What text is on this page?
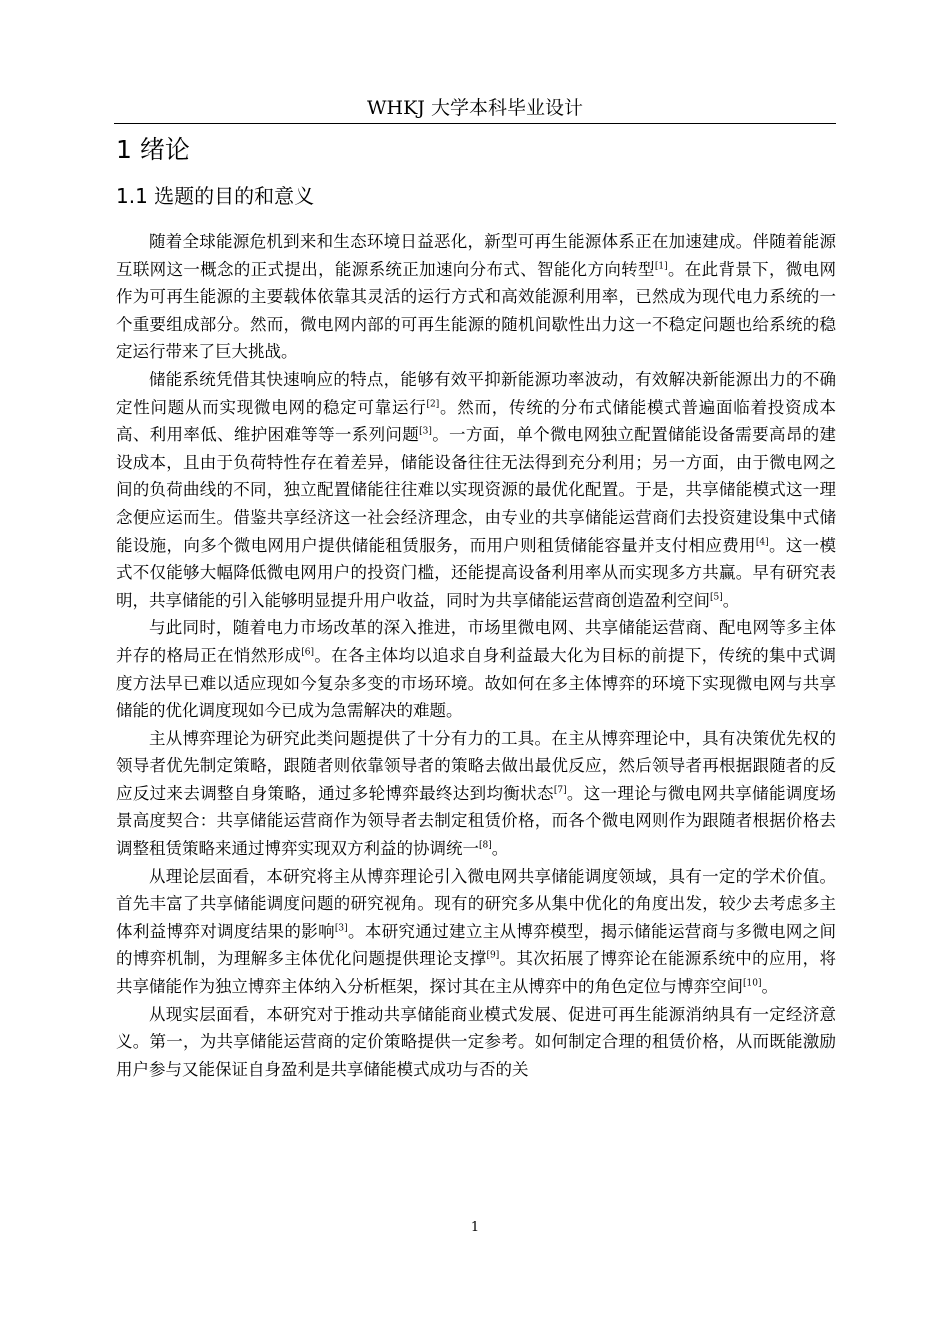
WHKJ 大学本科毕业设计
1 绪论
1.1 选题的目的和意义

随着全球能源危机到来和生态环境日益恶化，新型可再生能源体系正在加速建成。伴随着能源互联网这一概念的正式提出，能源系统正加速向分布式、智能化方向转型[1]。在此背景下，微电网作为可再生能源的主要载体依靠其灵活的运行方式和高效能源利用率，已然成为现代电力系统的一个重要组成部分。然而，微电网内部的可再生能源的随机间歇性出力这一不稳定问题也给系统的稳定运行带来了巨大挑战。

储能系统凭借其快速响应的特点，能够有效平抑新能源功率波动，有效解决新能源出力的不确定性问题从而实现微电网的稳定可靠运行[2]。然而，传统的分布式储能模式普遍面临着投资成本高、利用率低、维护困难等等一系列问题[3]。一方面，单个微电网独立配置储能设备需要高昂的建设成本，且由于负荷特性存在着差异，储能设备往往无法得到充分利用；另一方面，由于微电网之间的负荷曲线的不同，独立配置储能往往难以实现资源的最优化配置。于是，共享储能模式这一理念便应运而生。借鉴共享经济这一社会经济理念，由专业的共享储能运营商们去投资建设集中式储能设施，向多个微电网用户提供储能租赁服务，而用户则租赁储能容量并支付相应费用[4]。这一模式不仅能够大幅降低微电网用户的投资门槛，还能提高设备利用率从而实现多方共赢。早有研究表明，共享储能的引入能够明显提升用户收益，同时为共享储能运营商创造盈利空间[5]。

与此同时，随着电力市场改革的深入推进，市场里微电网、共享储能运营商、配电网等多主体并存的格局正在悄然形成[6]。在各主体均以追求自身利益最大化为目标的前提下，传统的集中式调度方法早已难以适应现如今复杂多变的市场环境。故如何在多主体博弈的环境下实现微电网与共享储能的优化调度现如今已成为急需解决的难题。

主从博弈理论为研究此类问题提供了十分有力的工具。在主从博弈理论中，具有决策优先权的领导者优先制定策略，跟随者则依靠领导者的策略去做出最优反应，然后领导者再根据跟随者的反应反过来去调整自身策略，通过多轮博弈最终达到均衡状态[7]。这一理论与微电网共享储能调度场景高度契合：共享储能运营商作为领导者去制定租赁价格，而各个微电网则作为跟随者根据价格去调整租赁策略来通过博弈实现双方利益的协调统一[8]。

从理论层面看，本研究将主从博弈理论引入微电网共享储能调度领域，具有一定的学术价值。首先丰富了共享储能调度问题的研究视角。现有的研究多从集中优化的角度出发，较少去考虑多主体利益博弈对调度结果的影响[3]。本研究通过建立主从博弈模型，揭示储能运营商与多微电网之间的博弈机制，为理解多主体优化问题提供理论支撑[9]。其次拓展了博弈论在能源系统中的应用，将共享储能作为独立博弈主体纳入分析框架，探讨其在主从博弈中的角色定位与博弈空间[10]。

从现实层面看，本研究对于推动共享储能商业模式发展、促进可再生能源消纳具有一定经济意义。第一，为共享储能运营商的定价策略提供一定参考。如何制定合理的租赁价格，从而既能激励用户参与又能保证自身盈利是共享储能模式成功与否的关

1
